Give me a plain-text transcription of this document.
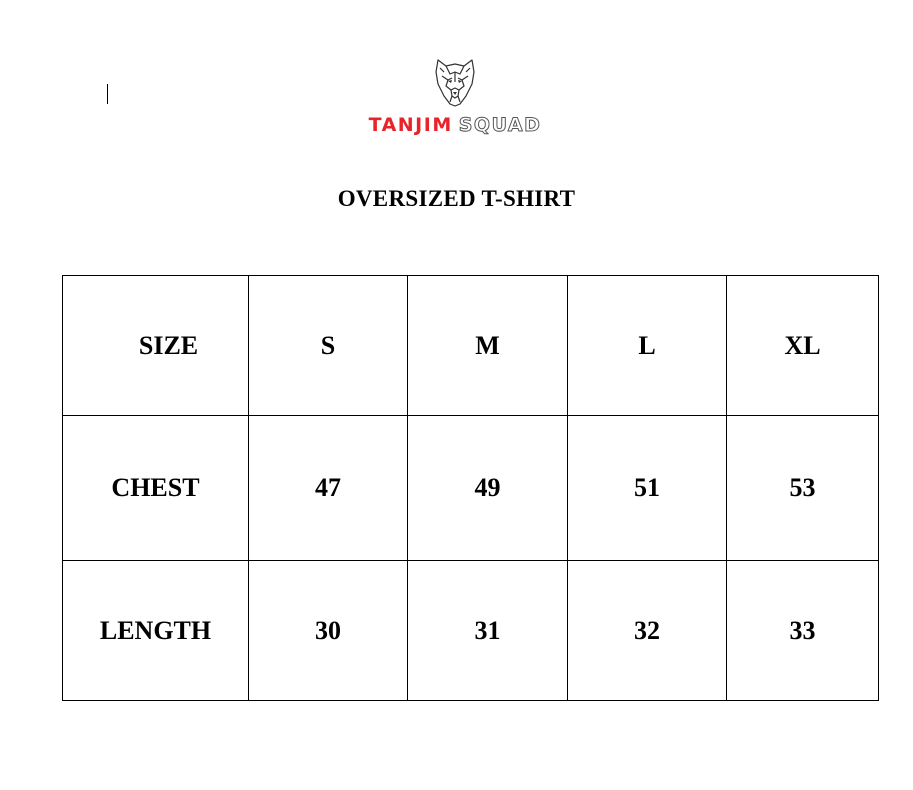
TANJIM SQUAD
OVERSIZED T-SHIRT
SIZE	S	M	L	XL
CHEST	47	49	51	53
LENGTH	30	31	32	33
